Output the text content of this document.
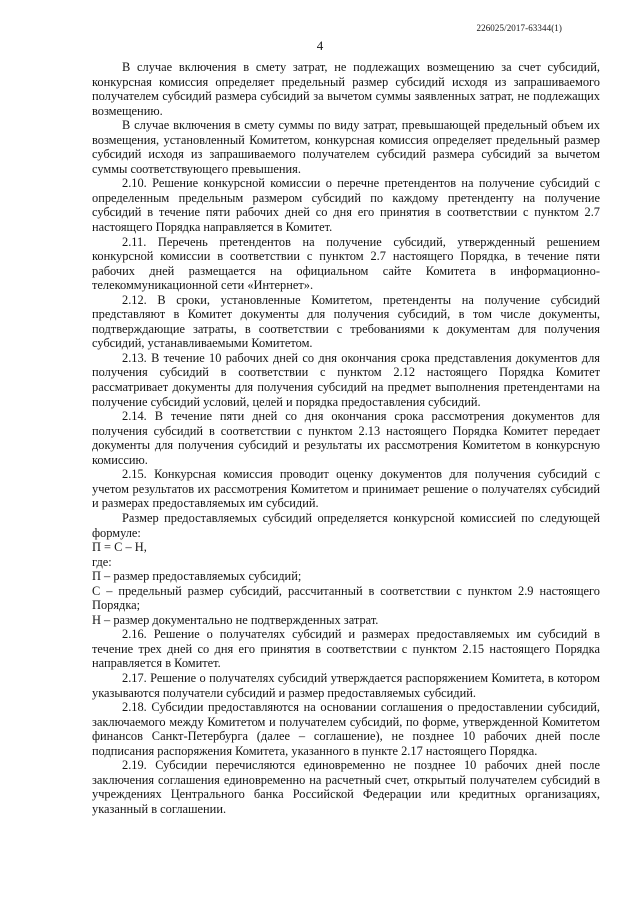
226025/2017-63344(1)
4

В случае включения в смету затрат, не подлежащих возмещению за счет субсидий, конкурсная комиссия определяет предельный размер субсидий исходя из запрашиваемого получателем субсидий размера субсидий за вычетом суммы заявленных затрат, не подлежащих возмещению.

В случае включения в смету суммы по виду затрат, превышающей предельный объем их возмещения, установленный Комитетом, конкурсная комиссия определяет предельный размер субсидий исходя из запрашиваемого получателем субсидий размера субсидий за вычетом суммы соответствующего превышения.

2.10. Решение конкурсной комиссии о перечне претендентов на получение субсидий с определенным предельным размером субсидий по каждому претенденту на получение субсидий в течение пяти рабочих дней со дня его принятия в соответствии с пунктом 2.7 настоящего Порядка направляется в Комитет.

2.11. Перечень претендентов на получение субсидий, утвержденный решением конкурсной комиссии в соответствии с пунктом 2.7 настоящего Порядка, в течение пяти рабочих дней размещается на официальном сайте Комитета в информационно-телекоммуникационной сети «Интернет».

2.12. В сроки, установленные Комитетом, претенденты на получение субсидий представляют в Комитет документы для получения субсидий, в том числе документы, подтверждающие затраты, в соответствии с требованиями к документам для получения субсидий, устанавливаемыми Комитетом.

2.13. В течение 10 рабочих дней со дня окончания срока представления документов для получения субсидий в соответствии с пунктом 2.12 настоящего Порядка Комитет рассматривает документы для получения субсидий на предмет выполнения претендентами на получение субсидий условий, целей и порядка предоставления субсидий.

2.14. В течение пяти дней со дня окончания срока рассмотрения документов для получения субсидий в соответствии с пунктом 2.13 настоящего Порядка Комитет передает документы для получения субсидий и результаты их рассмотрения Комитетом в конкурсную комиссию.

2.15. Конкурсная комиссия проводит оценку документов для получения субсидий с учетом результатов их рассмотрения Комитетом и принимает решение о получателях субсидий и размерах предоставляемых им субсидий.

Размер предоставляемых субсидий определяется конкурсной комиссией по следующей формуле:

П = С – Н,

где:

П – размер предоставляемых субсидий;

С – предельный размер субсидий, рассчитанный в соответствии с пунктом 2.9 настоящего Порядка;

Н – размер документально не подтвержденных затрат.

2.16. Решение о получателях субсидий и размерах предоставляемых им субсидий в течение трех дней со дня его принятия в соответствии с пунктом 2.15 настоящего Порядка направляется в Комитет.

2.17. Решение о получателях субсидий утверждается распоряжением Комитета, в котором указываются получатели субсидий и размер предоставляемых субсидий.

2.18. Субсидии предоставляются на основании соглашения о предоставлении субсидий, заключаемого между Комитетом и получателем субсидий, по форме, утвержденной Комитетом финансов Санкт-Петербурга (далее – соглашение), не позднее 10 рабочих дней после подписания распоряжения Комитета, указанного в пункте 2.17 настоящего Порядка.

2.19. Субсидии перечисляются единовременно не позднее 10 рабочих дней после заключения соглашения единовременно на расчетный счет, открытый получателем субсидий в учреждениях Центрального банка Российской Федерации или кредитных организациях, указанный в соглашении.
